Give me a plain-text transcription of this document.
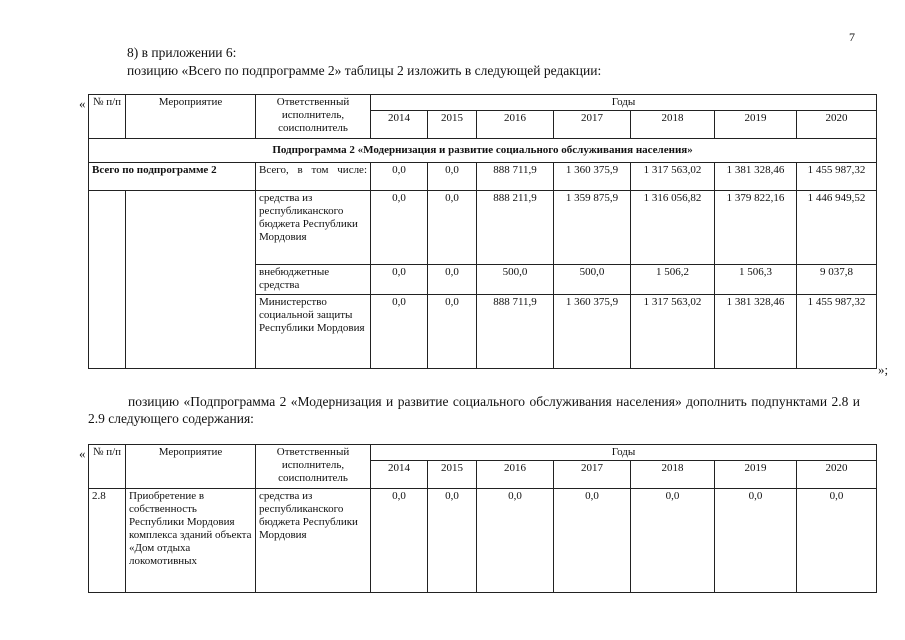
7
8) в приложении 6:
позицию «Всего по подпрограмме 2» таблицы 2 изложить в следующей редакции:
« № п/п	Мероприятие	Ответственный исполнитель, соисполнитель	Годы						
			2014	2015	2016	2017	2018	2019	2020
Подпрограмма 2 «Модернизация и развитие социального обслуживания населения»									
Всего по подпрограмме 2		Всего, в том числе:	0,0	0,0	888 711,9	1 360 375,9	1 317 563,02	1 381 328,46	1 455 987,32
		средства из республиканского бюджета Республики Мордовия	0,0	0,0	888 211,9	1 359 875,9	1 316 056,82	1 379 822,16	1 446 949,52
		внебюджетные средства	0,0	0,0	500,0	500,0	1 506,2	1 506,3	9 037,8
		Министерство социальной защиты Республики Мордовия	0,0	0,0	888 711,9	1 360 375,9	1 317 563,02	1 381 328,46	1 455 987,32
»;
позицию «Подпрограмма 2 «Модернизация и развитие социального обслуживания населения» дополнить подпунктами 2.8 и 2.9 следующего содержания:
« № п/п	Мероприятие	Ответственный исполнитель, соисполнитель	Годы						
			2014	2015	2016	2017	2018	2019	2020
2.8	Приобретение в собственность Республики Мордовия комплекса зданий объекта «Дом отдыха локомотивных	средства из республиканского бюджета Республики Мордовия	0,0	0,0	0,0	0,0	0,0	0,0	0,0
